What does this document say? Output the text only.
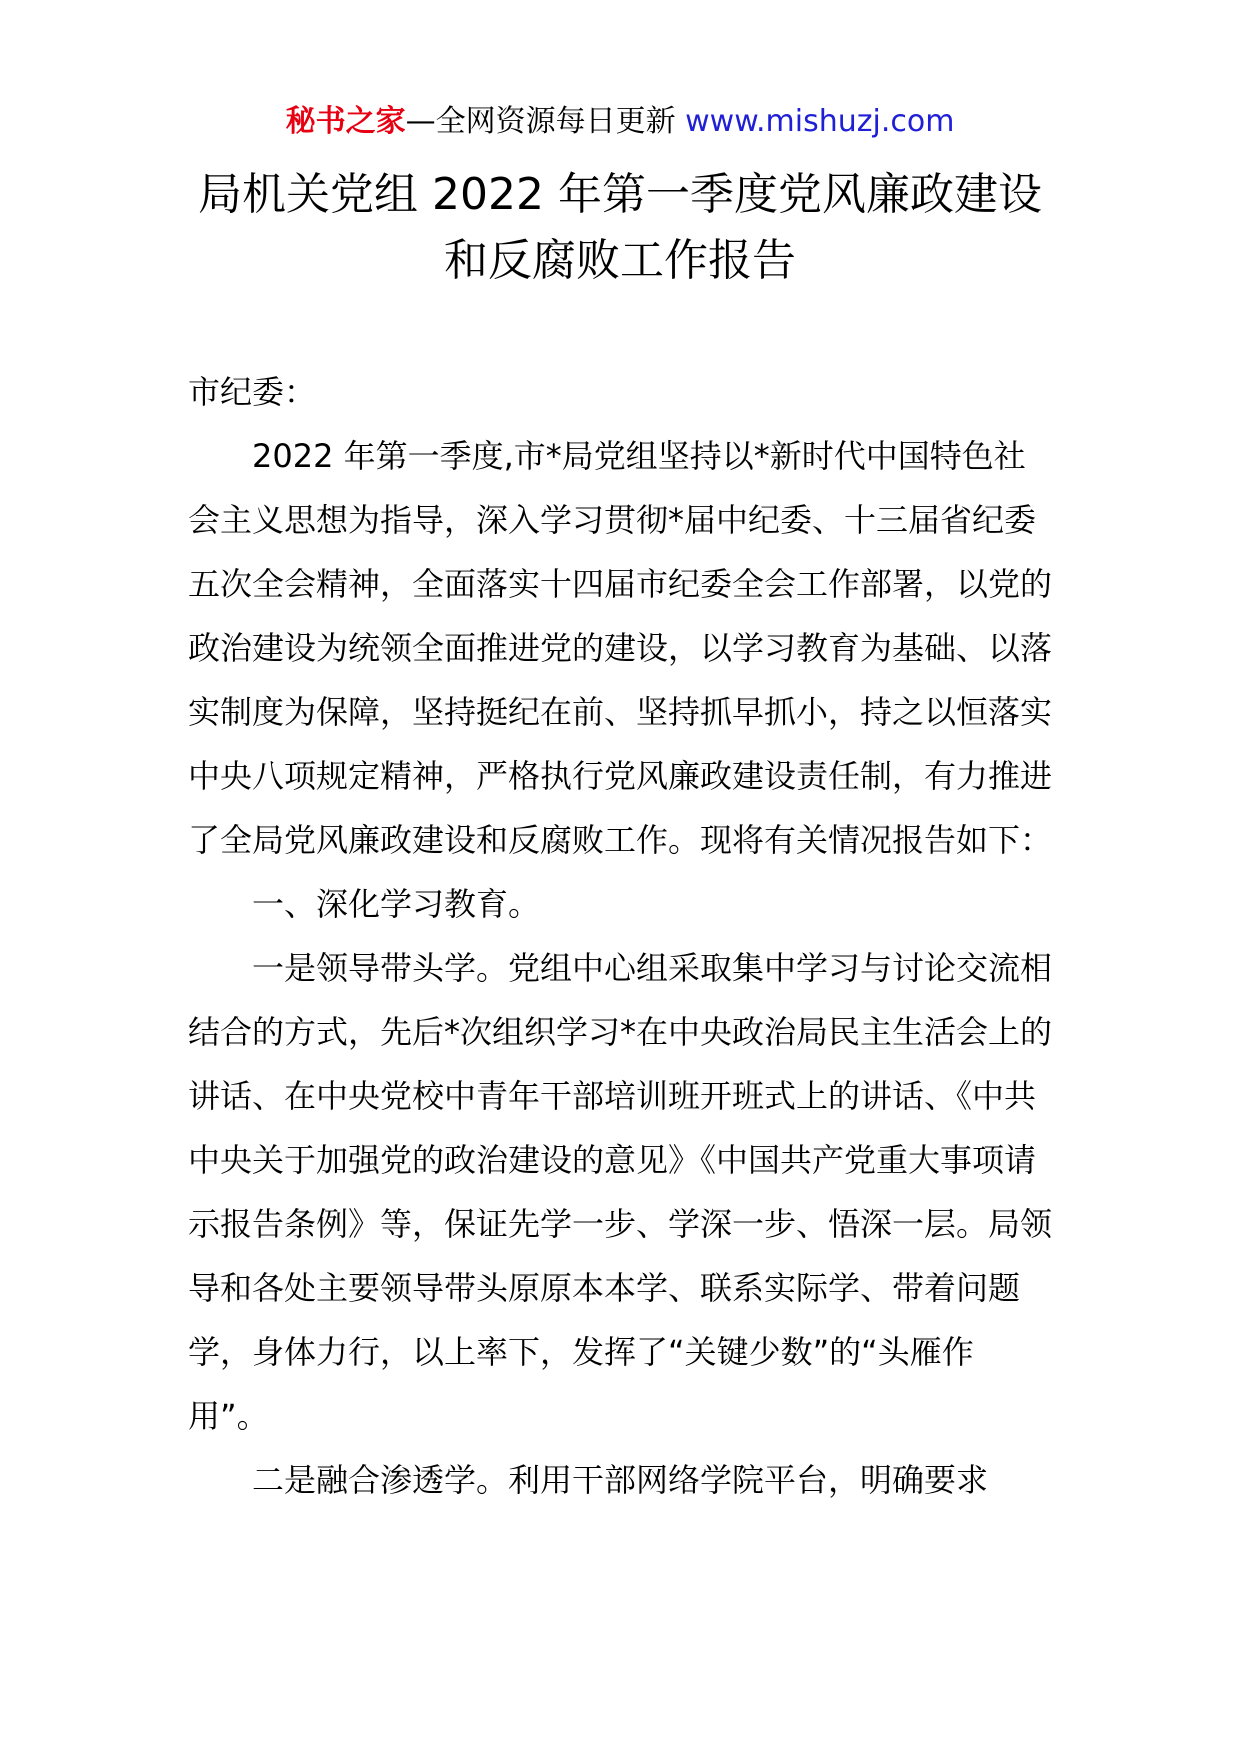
秘书之家—全网资源每日更新 www.mishuzj.com
局机关党组 2022 年第一季度党风廉政建设
和反腐败工作报告

市纪委：

2022 年第一季度,市*局党组坚持以*新时代中国特色社会主义思想为指导，深入学习贯彻*届中纪委、十三届省纪委五次全会精神，全面落实十四届市纪委全会工作部署，以党的政治建设为统领全面推进党的建设，以学习教育为基础、以落实制度为保障，坚持挺纪在前、坚持抓早抓小，持之以恒落实中央八项规定精神，严格执行党风廉政建设责任制，有力推进了全局党风廉政建设和反腐败工作。现将有关情况报告如下：

一、深化学习教育。

一是领导带头学。党组中心组采取集中学习与讨论交流相结合的方式，先后*次组织学习*在中央政治局民主生活会上的讲话、在中央党校中青年干部培训班开班式上的讲话、《中共中央关于加强党的政治建设的意见》《中国共产党重大事项请示报告条例》等，保证先学一步、学深一步、悟深一层。局领导和各处主要领导带头原原本本学、联系实际学、带着问题学，身体力行，以上率下，发挥了“关键少数”的“头雁作用”。

二是融合渗透学。利用干部网络学院平台，明确要求
